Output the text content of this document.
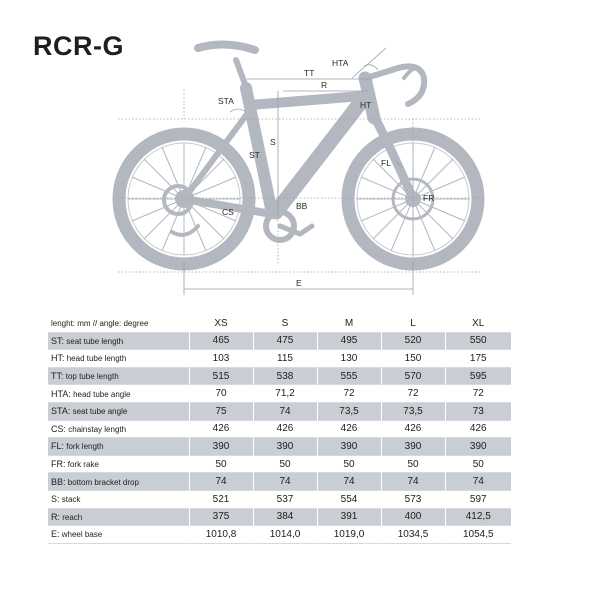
RCR-G
TT
R
HTA
HT
STA
S
ST
FL
FR
CS
BB
E
lenght: mm // angle: degree	XS	S	M	L	XL
ST: seat tube length	465	475	495	520	550
HT: head tube length	103	115	130	150	175
TT: top tube length	515	538	555	570	595
HTA: head tube angle	70	71,2	72	72	72
STA: seat tube angle	75	74	73,5	73,5	73
CS: chainstay length	426	426	426	426	426
FL: fork length	390	390	390	390	390
FR: fork rake	50	50	50	50	50
BB: bottom bracket drop	74	74	74	74	74
S: stack	521	537	554	573	597
R: reach	375	384	391	400	412,5
E: wheel base	1010,8	1014,0	1019,0	1034,5	1054,5
